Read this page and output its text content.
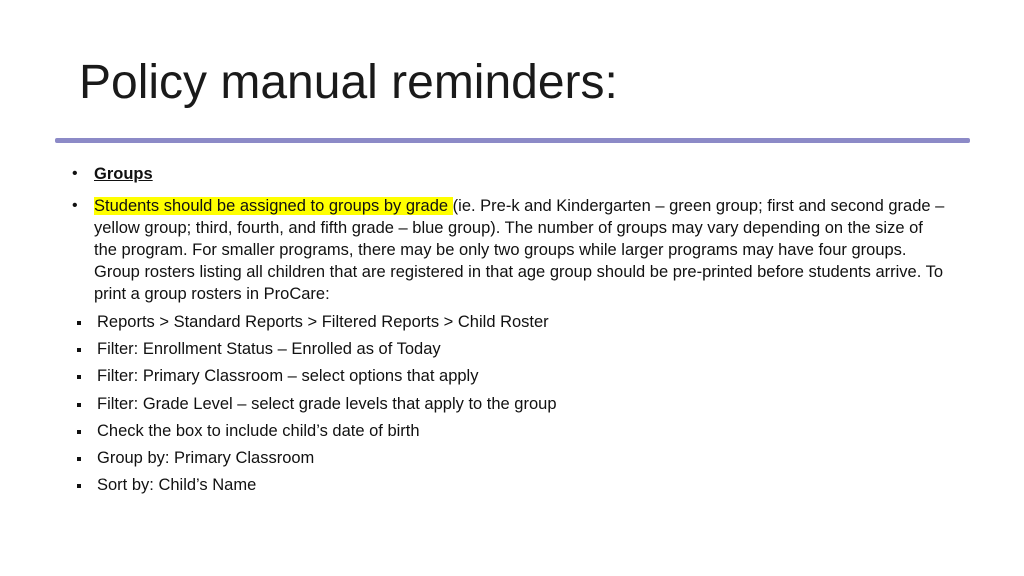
Policy manual reminders:

• Groups

• Students should be assigned to groups by grade (ie. Pre-k and Kindergarten – green group; first and second grade – yellow group; third, fourth, and fifth grade – blue group). The number of groups may vary depending on the size of the program. For smaller programs, there may be only two groups while larger programs may have four groups. Group rosters listing all children that are registered in that age group should be pre-printed before students arrive. To print a group rosters in ProCare:

Reports > Standard Reports > Filtered Reports > Child Roster
Filter: Enrollment Status – Enrolled as of Today
Filter: Primary Classroom – select options that apply
Filter: Grade Level – select grade levels that apply to the group
Check the box to include child’s date of birth
Group by: Primary Classroom
Sort by: Child’s Name
